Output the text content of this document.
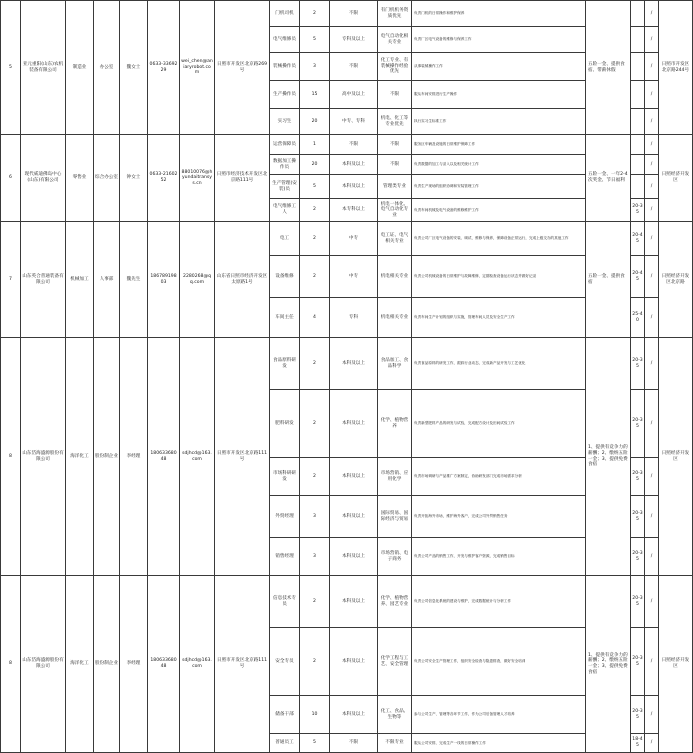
5	亚元重阳(山东)农机装备有限公司	制造业	办公室	魏女士	0633-3369229	wei_chen@aniaryrobot.com	日照市开发区北京路269号	门机司机	2	不限	有门机机务资质优先	负责门机的日常操作和维护保养	五险一金、提供食宿、带薪休假		/	日照市开发区北京路244号
								电气维修员	5	专科及以上	电气自动化相关专业	负责厂区电气设备的维修与保养工作			/	
								装械操作员	3	不限	化工专业、有装械操作经验优先	从事装械操作工作			/	
								生产操作员	15	高中及以上	不限	服从车间安排进行生产操作			/	
								实习生	20	中专、专科	机电、化工等专业优先	执行实习生标准工作			/	
6	现代威迪佛岛中心(山东)有限公司	零售业	综合办公室	钟女士	0633-2160252	88010076@hyundaitransys.cn	日照市经济技术开发区北京路111号	运营保障员	1	不限	不限	服务区车辆及设施的日常维护保障工作	五险一金、一年2-4次奖金、节日福利		/	日照经济开发区
								数据加工操作员	20	本科及以上	不限	负责数据的加工与录入以及相关统计工作			/	
								生产管理(安装)员	5	本科及以上	管理类专业	负责生产现场的组织协调和安装管理工作			/	
								电气维修工人	2	本专科以上	机电一体化、电气自动化专业	负责车间机械及电气设备的维修维护工作		20-35	/	
7	山东英合普通装备有限公司	机械加工	人事部	魏先生	18678919803	2280268@qq.com	山东省日照市经济开发区太原路1号	电工	2	中专	电工证、电气相关专业	负责公司厂区电气设备的安装、调试、维修与保养，保障设备正常运行，完成上级交办的其他工作	五险一金、提供食宿	20-45	/	日照经济开发区北京路
								设备维修	2	中专	机电相关专业	负责公司机械设备的日常维护与故障维修，定期检查设备运行状态并做好记录		20-45	/	
								车间主任	4	专科	机电相关专业	负责车间生产计划的组织与实施，管理车间人员及安全生产工作		25-40	/	
8	山东岱海盛源股份有限公司	海洋化工	股份制企业	李经理	18063368048	sdjhcd@163.com	日照市开发区北京路111号	食品原料研发	2	本科及以上	食品加工、食品科学	负责食品原料的研发工作，跟踪行业动态，完成新产品开发与工艺优化	1、提供有竞争力的薪酬；2、缴纳五险一金；3、提供免费食宿	20-35	/	日照经济开发区
								肥料研发	2	本科及以上	化学、植物营养	负责新型肥料产品的研发与试验，完成配方设计及田间试验工作		20-35	/	
								市场科研研发	2	本科及以上	市场营销、应用化学	负责市场调研与产品推广方案制定，协助研发部门完成市场需求分析		20-35	/	
								外贸经理	3	本科及以上	国际贸易、国际经济与贸易	负责开拓海外市场，维护海外客户，完成公司外贸销售任务		20-35	/	
								销售经理	3	本科及以上	市场营销、电子商务	负责公司产品的销售工作，开发与维护客户资源，完成销售目标		20-35	/	
8	山东岱海盛源股份有限公司	海洋化工	股份制企业	李经理	18063368048	sdjhcd@163.com	日照市开发区北京路111号	信息技术专员	2	本科及以上	化学、植物营养、园艺专业	负责公司信息化系统的建设与维护，完成数据统计与分析工作	1、提供有竞争力的薪酬；2、缴纳五险一金；3、提供免费食宿	20-35	/	日照经济开发区
								安全专员	2	本科及以上	化学工程与工艺、安全管理	负责公司安全生产管理工作，组织安全检查与隐患排查，做好安全培训		20-35	/	
								储备干部	10	本科及以上	化工、食品、生物等	参与公司生产、管理等各环节工作，作为公司后备管理人才培养		20-35	/	
								普通员工	5	不限	不限专业	服从公司安排，完成生产一线的日常操作工作		18-45	/	
